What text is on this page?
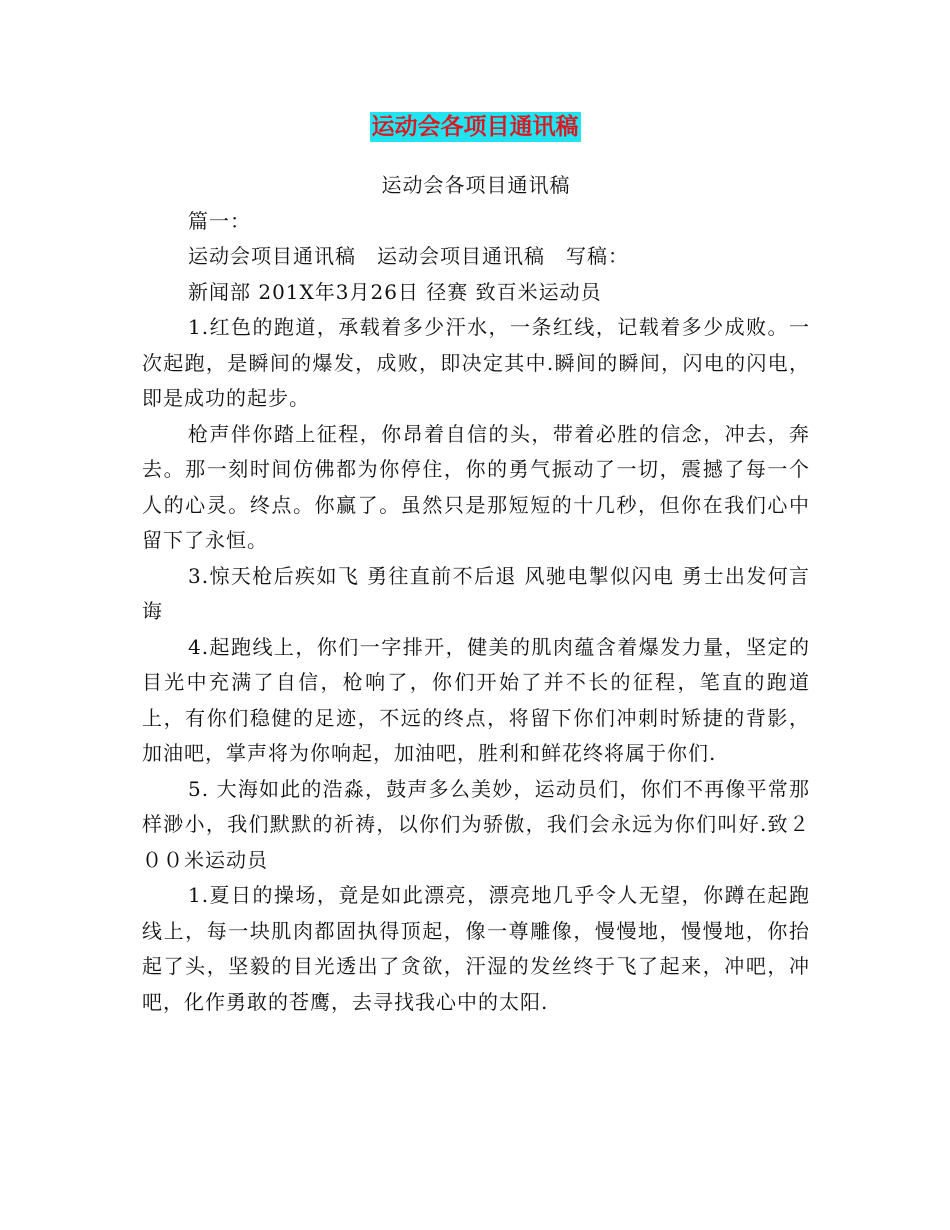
运动会各项目通讯稿

运动会各项目通讯稿

篇一：

运动会项目通讯稿　运动会项目通讯稿　写稿：

新闻部 201X年3月26日 径赛 致百米运动员

1.红色的跑道，承载着多少汗水，一条红线，记载着多少成败。一次起跑，是瞬间的爆发，成败，即决定其中.瞬间的瞬间，闪电的闪电，即是成功的起步。

枪声伴你踏上征程，你昂着自信的头，带着必胜的信念，冲去，奔去。那一刻时间仿佛都为你停住，你的勇气振动了一切，震撼了每一个人的心灵。终点。你赢了。虽然只是那短短的十几秒，但你在我们心中留下了永恒。

3.惊天枪后疾如飞 勇往直前不后退 风驰电掣似闪电 勇士出发何言诲

4.起跑线上，你们一字排开，健美的肌肉蕴含着爆发力量，坚定的目光中充满了自信，枪响了，你们开始了并不长的征程，笔直的跑道上，有你们稳健的足迹，不远的终点，将留下你们冲刺时矫捷的背影，加油吧，掌声将为你响起，加油吧，胜利和鲜花终将属于你们.

5. 大海如此的浩淼，鼓声多么美妙，运动员们，你们不再像平常那样渺小，我们默默的祈祷，以你们为骄傲，我们会永远为你们叫好.致２００米运动员

1.夏日的操场，竟是如此漂亮，漂亮地几乎令人无望，你蹲在起跑线上，每一块肌肉都固执得顶起，像一尊雕像，慢慢地，慢慢地，你抬起了头，坚毅的目光透出了贪欲，汗湿的发丝终于飞了起来，冲吧，冲吧，化作勇敢的苍鹰，去寻找我心中的太阳.
